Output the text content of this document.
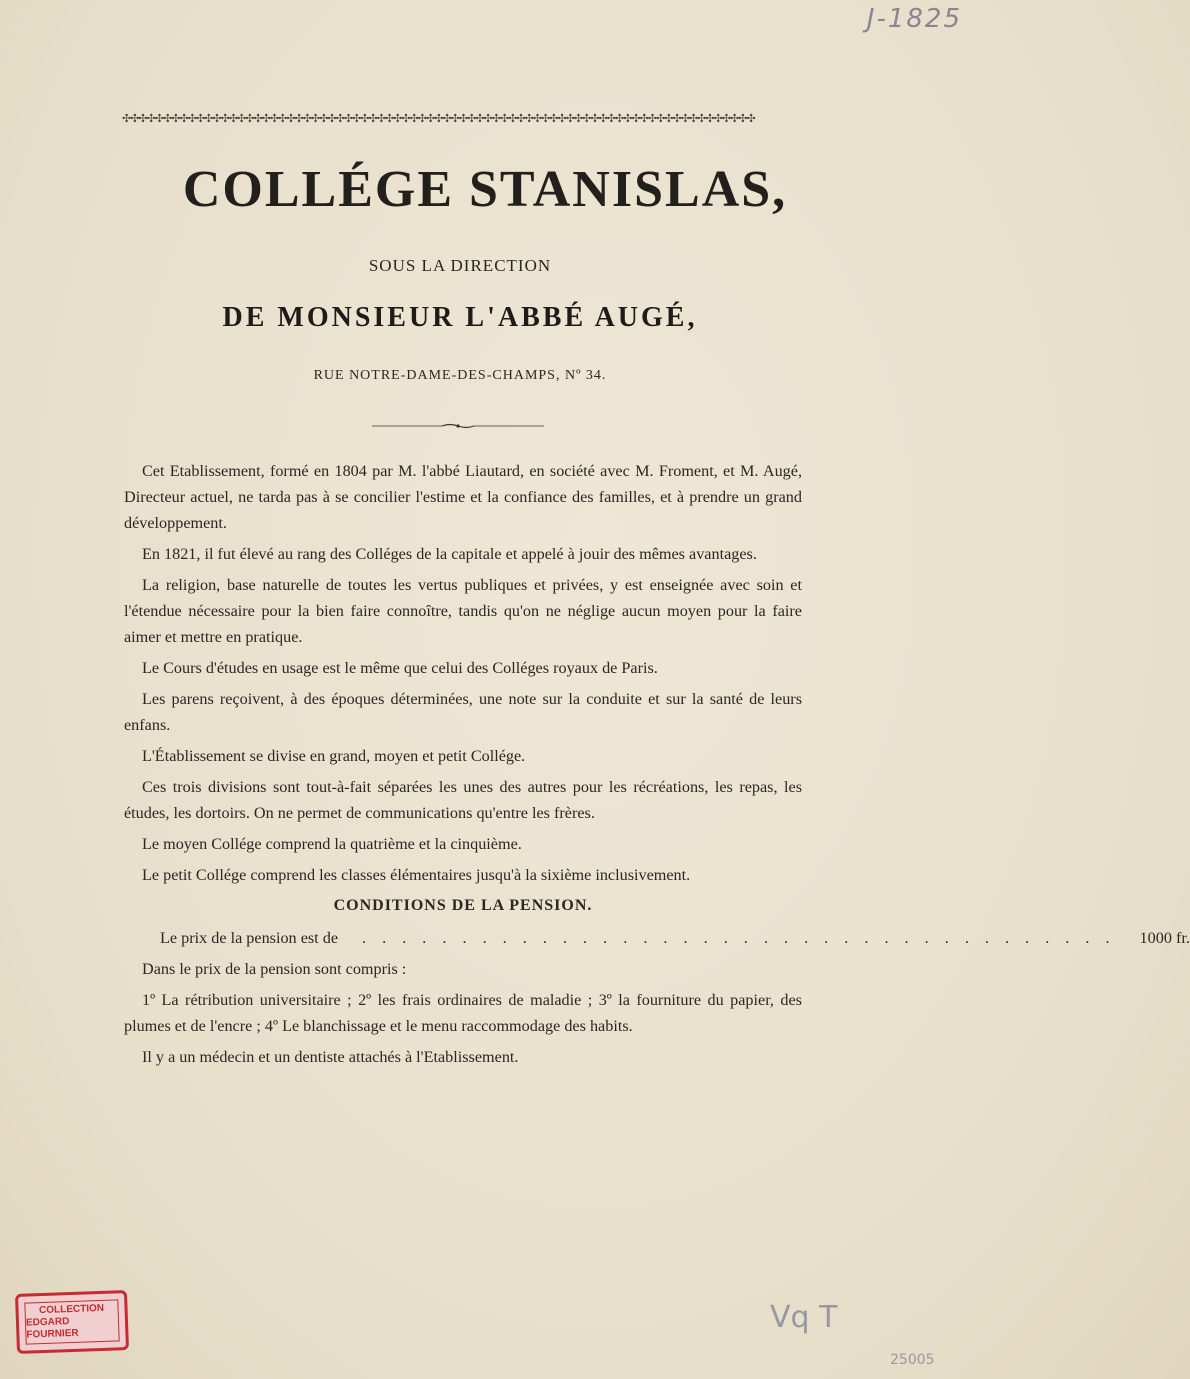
J-1825
✣✣✣✣✣✣✣✣✣✣✣✣✣✣✣✣✣✣✣✣✣✣✣✣✣✣✣✣✣✣✣✣✣✣✣✣✣✣✣✣✣✣✣✣✣✣✣✣✣✣✣✣✣✣✣✣✣✣✣✣✣✣✣✣✣✣✣✣✣✣✣✣✣✣✣✣✣
COLLÉGE STANISLAS,
SOUS LA DIRECTION
DE MONSIEUR L'ABBÉ AUGÉ,
RUE NOTRE-DAME-DES-CHAMPS, Nº 34.

Cet Etablissement, formé en 1804 par M. l'abbé Liautard, en société avec M. Froment, et M. Augé, Directeur actuel, ne tarda pas à se concilier l'estime et la confiance des familles, et à prendre un grand développement.

En 1821, il fut élevé au rang des Colléges de la capitale et appelé à jouir des mêmes avantages.

La religion, base naturelle de toutes les vertus publiques et privées, y est enseignée avec soin et l'étendue nécessaire pour la bien faire connoître, tandis qu'on ne néglige aucun moyen pour la faire aimer et mettre en pratique.

Le Cours d'études en usage est le même que celui des Colléges royaux de Paris.

Les parens reçoivent, à des époques déterminées, une note sur la conduite et sur la santé de leurs enfans.

L'Établissement se divise en grand, moyen et petit Collége.

Ces trois divisions sont tout-à-fait séparées les unes des autres pour les récréations, les repas, les études, les dortoirs. On ne permet de communications qu'entre les frères.

Le moyen Collége comprend la quatrième et la cinquième.

Le petit Collége comprend les classes élémentaires jusqu'à la sixième inclusivement.

CONDITIONS DE LA PENSION.
Le prix de la pension est de	. . . . . . . . . . . . . . . . . . . . . . . . . . . . . . . . . . . . . .	1000 fr.

Dans le prix de la pension sont compris :

1º La rétribution universitaire ; 2º les frais ordinaires de maladie ; 3º la fourniture du papier, des plumes et de l'encre ; 4º Le blanchissage et le menu raccommodage des habits.

Il y a un médecin et un dentiste attachés à l'Etablissement.

COLLECTION
EDGARD FOURNIER	Vq T
25005
